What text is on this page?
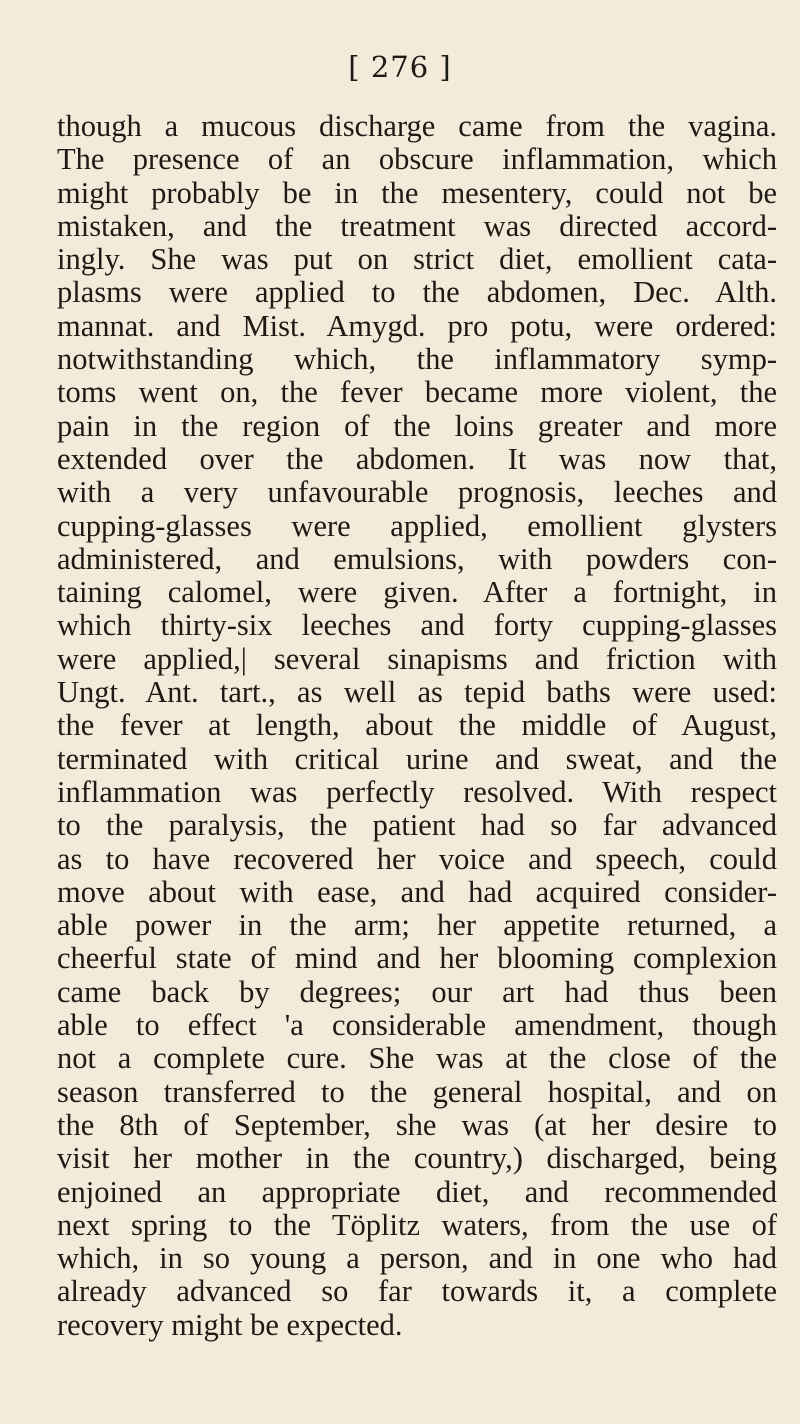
[ 276 ]
though a mucous discharge came from the vagina.
The presence of an obscure inflammation, which
might probably be in the mesentery, could not be
mistaken, and the treatment was directed accord-
ingly. She was put on strict diet, emollient cata-
plasms were applied to the abdomen, Dec. Alth.
mannat. and Mist. Amygd. pro potu, were ordered:
notwithstanding which, the inflammatory symp-
toms went on, the fever became more violent, the
pain in the region of the loins greater and more
extended over the abdomen. It was now that,
with a very unfavourable prognosis, leeches and
cupping-glasses were applied, emollient glysters
administered, and emulsions, with powders con-
taining calomel, were given. After a fortnight, in
which thirty-six leeches and forty cupping-glasses
were applied,| several sinapisms and friction with
Ungt. Ant. tart., as well as tepid baths were used:
the fever at length, about the middle of August,
terminated with critical urine and sweat, and the
inflammation was perfectly resolved. With respect
to the paralysis, the patient had so far advanced
as to have recovered her voice and speech, could
move about with ease, and had acquired consider-
able power in the arm; her appetite returned, a
cheerful state of mind and her blooming complexion
came back by degrees; our art had thus been
able to effect 'a considerable amendment, though
not a complete cure. She was at the close of the
season transferred to the general hospital, and on
the 8th of September, she was (at her desire to
visit her mother in the country,) discharged, being
enjoined an appropriate diet, and recommended
next spring to the Töplitz waters, from the use of
which, in so young a person, and in one who had
already advanced so far towards it, a complete
recovery might be expected.
